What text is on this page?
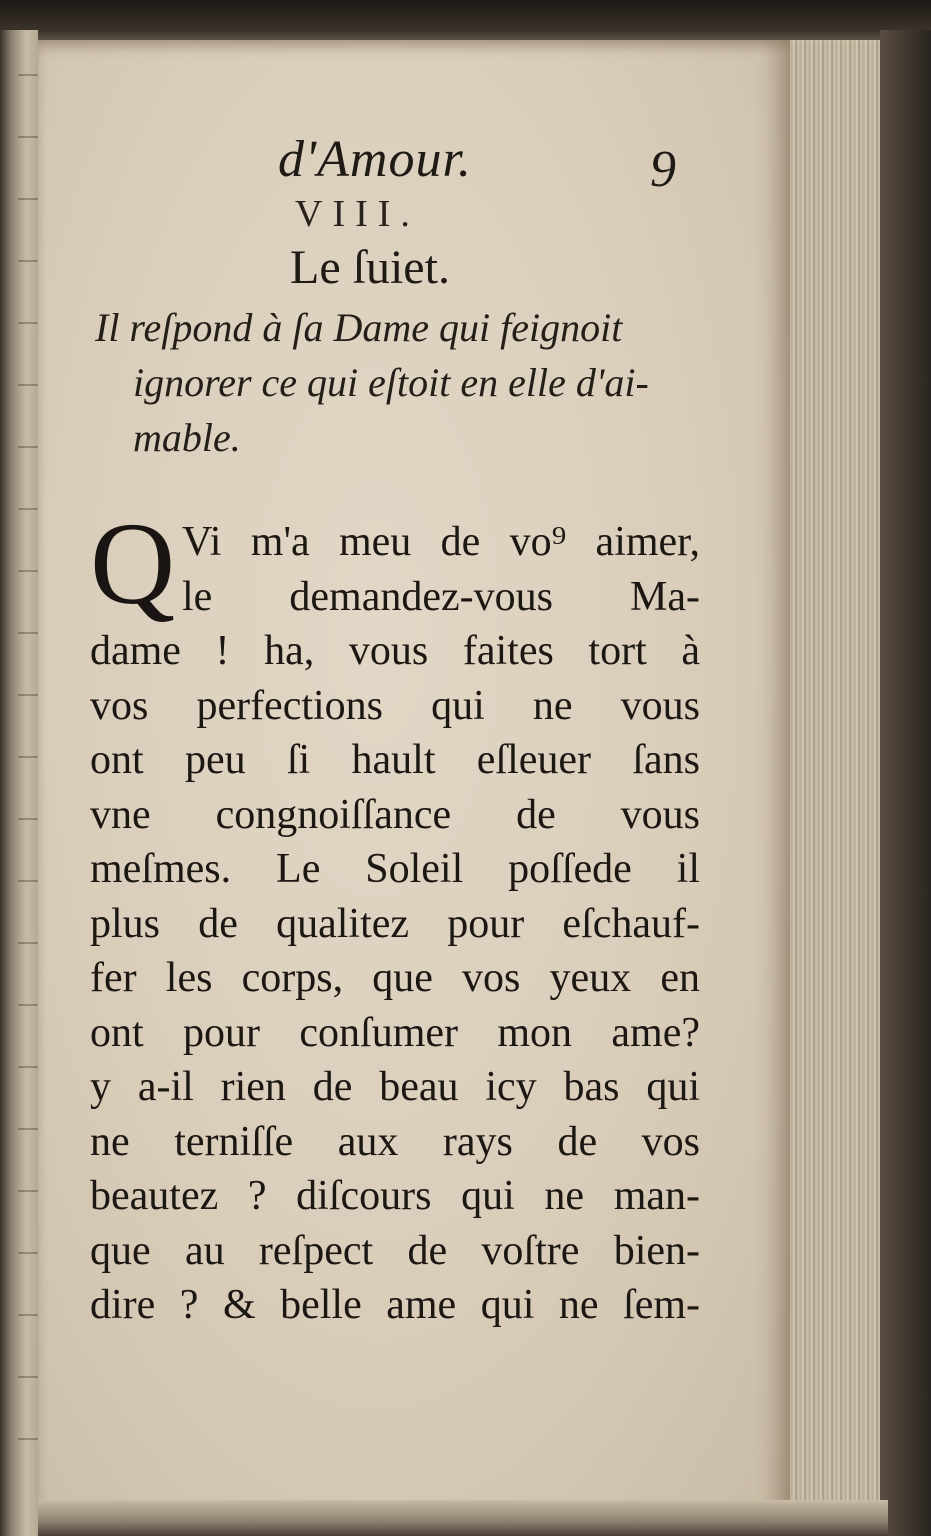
d'Amour.	9
VIII.
Le ſuiet.
Il reſpond à ſa Dame qui feignoit
ignorer ce qui eſtoit en elle d'ai-
mable.
Q Vi m'a meu de vo⁹ aimer,
le demandez-vous Ma-
dame ! ha, vous faites tort à
vos perfections qui ne vous
ont peu ſi hault eſleuer ſans
vne congnoiſſance de vous
meſmes. Le Soleil poſſede il
plus de qualitez pour eſchauf-
fer les corps, que vos yeux en
ont pour conſumer mon ame?
y a-il rien de beau icy bas qui
ne terniſſe aux rays de vos
beautez ? diſcours qui ne man-
que au reſpect de voſtre bien-
dire ? & belle ame qui ne ſem-
